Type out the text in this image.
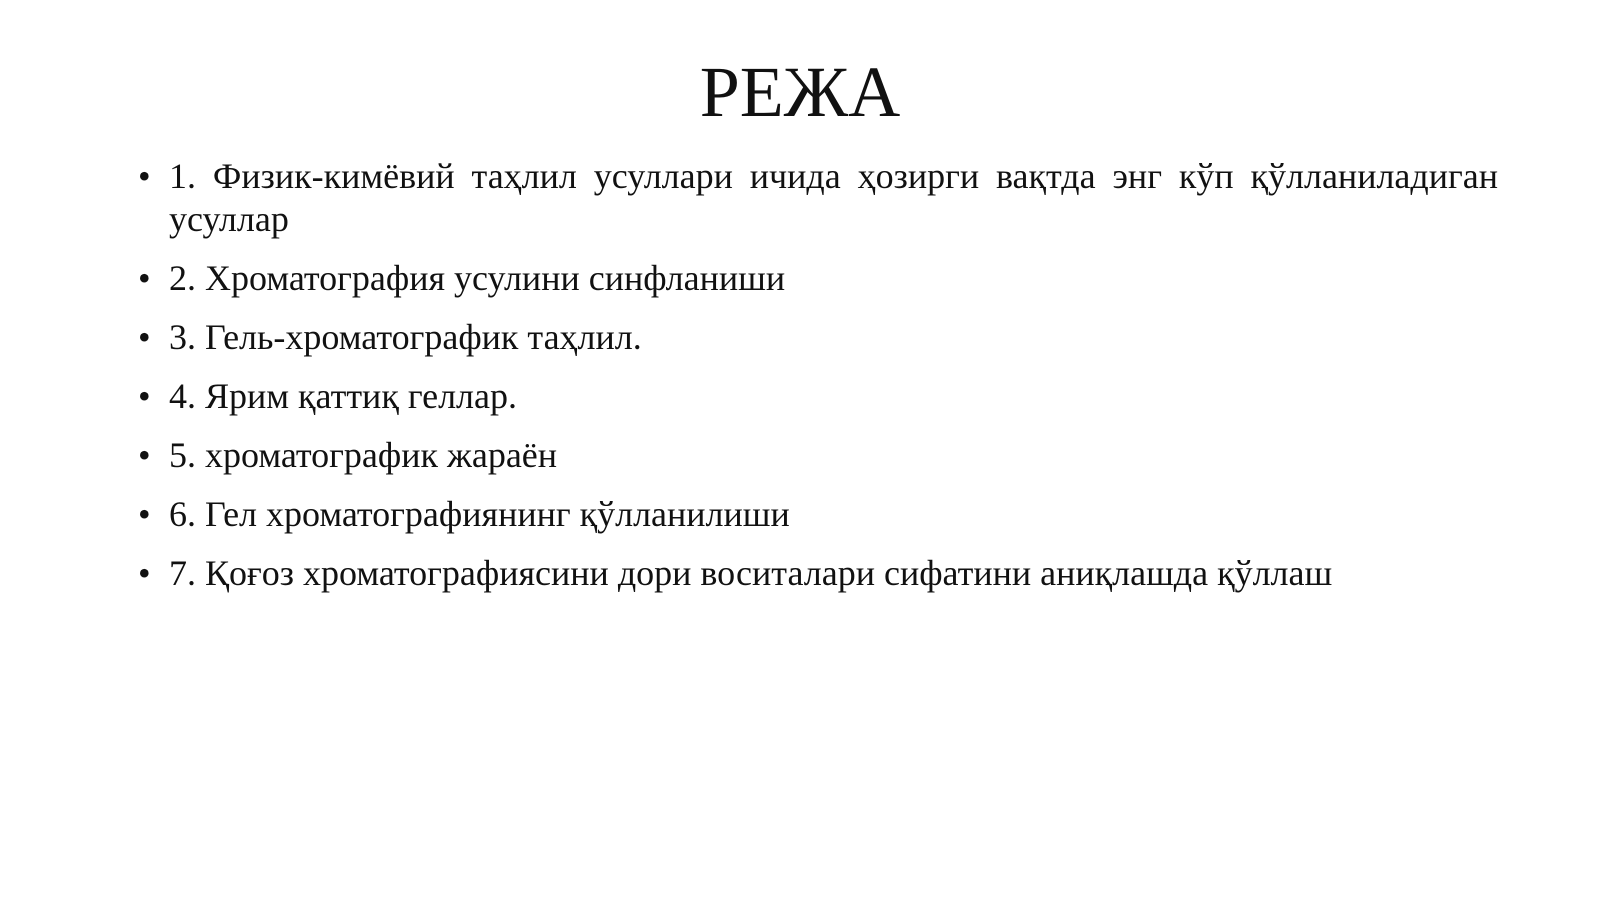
РЕЖА
• 1. Физик-кимёвий таҳлил усуллари ичида ҳозирги вақтда энг кўп қўлланиладиган усуллар
• 2. Хроматография усулини синфланиши
• 3. Гель-хроматографик таҳлил.
• 4. Ярим қаттиқ геллар.
• 5. хроматографик жараён
• 6. Гел хроматографиянинг қўлланилиши
• 7. Қоғоз хроматографиясини дори воситалари сифатини аниқлашда қўллаш
